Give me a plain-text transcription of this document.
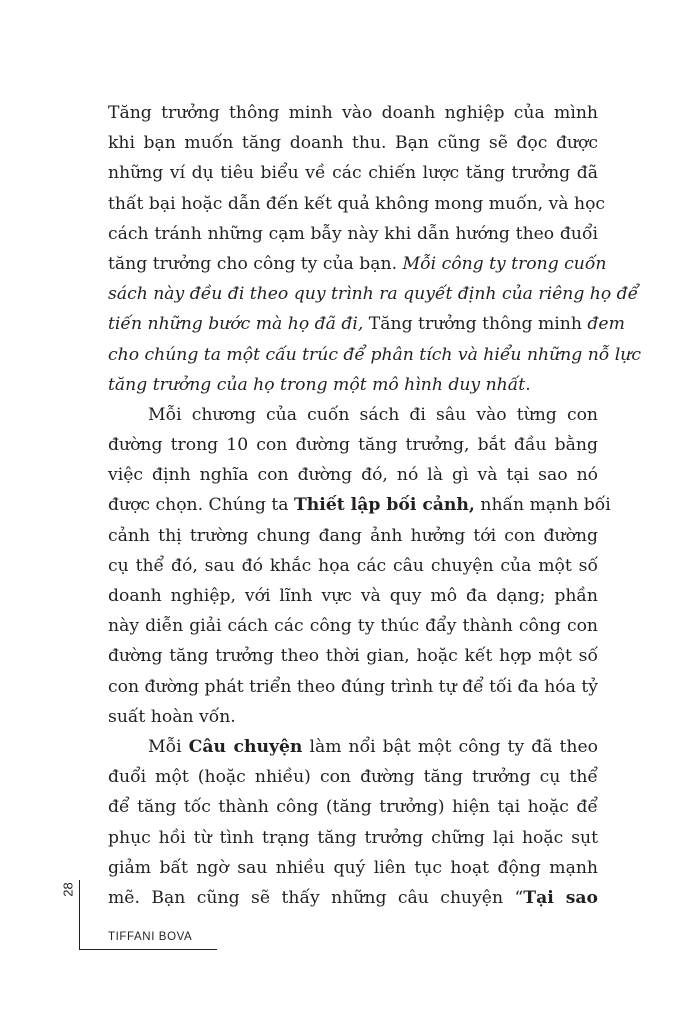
Tăng trưởng thông minh vào doanh nghiệp của mình
khi bạn muốn tăng doanh thu. Bạn cũng sẽ đọc được
những ví dụ tiêu biểu về các chiến lược tăng trưởng đã
thất bại hoặc dẫn đến kết quả không mong muốn, và học
cách tránh những cạm bẫy này khi dẫn hướng theo đuổi
tăng trưởng cho công ty của bạn. Mỗi công ty trong cuốn
sách này đều đi theo quy trình ra quyết định của riêng họ để
tiến những bước mà họ đã đi, Tăng trưởng thông minh đem
cho chúng ta một cấu trúc để phân tích và hiểu những nỗ lực
tăng trưởng của họ trong một mô hình duy nhất.
Mỗi chương của cuốn sách đi sâu vào từng con
đường trong 10 con đường tăng trưởng, bắt đầu bằng
việc định nghĩa con đường đó, nó là gì và tại sao nó
được chọn. Chúng ta Thiết lập bối cảnh, nhấn mạnh bối
cảnh thị trường chung đang ảnh hưởng tới con đường
cụ thể đó, sau đó khắc họa các câu chuyện của một số
doanh nghiệp, với lĩnh vực và quy mô đa dạng; phần
này diễn giải cách các công ty thúc đẩy thành công con
đường tăng trưởng theo thời gian, hoặc kết hợp một số
con đường phát triển theo đúng trình tự để tối đa hóa tỷ
suất hoàn vốn.
Mỗi Câu chuyện làm nổi bật một công ty đã theo
đuổi một (hoặc nhiều) con đường tăng trưởng cụ thể
để tăng tốc thành công (tăng trưởng) hiện tại hoặc để
phục hồi từ tình trạng tăng trưởng chững lại hoặc sụt
giảm bất ngờ sau nhiều quý liên tục hoạt động mạnh
mẽ. Bạn cũng sẽ thấy những câu chuyện “Tại sao
28
TIFFANI BOVA
